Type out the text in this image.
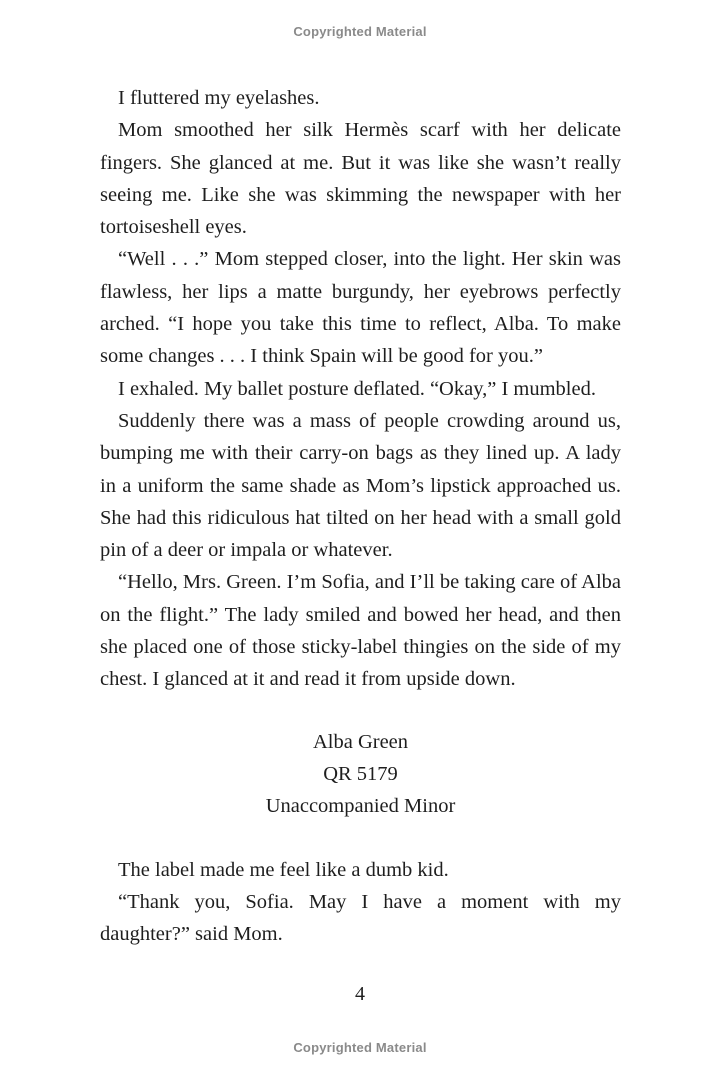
Copyrighted Material

I fluttered my eyelashes.

Mom smoothed her silk Hermès scarf with her delicate fingers. She glanced at me. But it was like she wasn’t really seeing me. Like she was skimming the newspaper with her tortoiseshell eyes.

“Well . . .” Mom stepped closer, into the light. Her skin was flawless, her lips a matte burgundy, her eyebrows perfectly arched. “I hope you take this time to reflect, Alba. To make some changes . . . I think Spain will be good for you.”

I exhaled. My ballet posture deflated. “Okay,” I mumbled.

Suddenly there was a mass of people crowding around us, bumping me with their carry-on bags as they lined up. A lady in a uniform the same shade as Mom’s lipstick approached us. She had this ridiculous hat tilted on her head with a small gold pin of a deer or impala or whatever.

“Hello, Mrs. Green. I’m Sofia, and I’ll be taking care of Alba on the flight.” The lady smiled and bowed her head, and then she placed one of those sticky-label thingies on the side of my chest. I glanced at it and read it from upside down.

Alba Green
QR 5179
Unaccompanied Minor

The label made me feel like a dumb kid.

“Thank you, Sofia. May I have a moment with my daughter?” said Mom.

4
Copyrighted Material
